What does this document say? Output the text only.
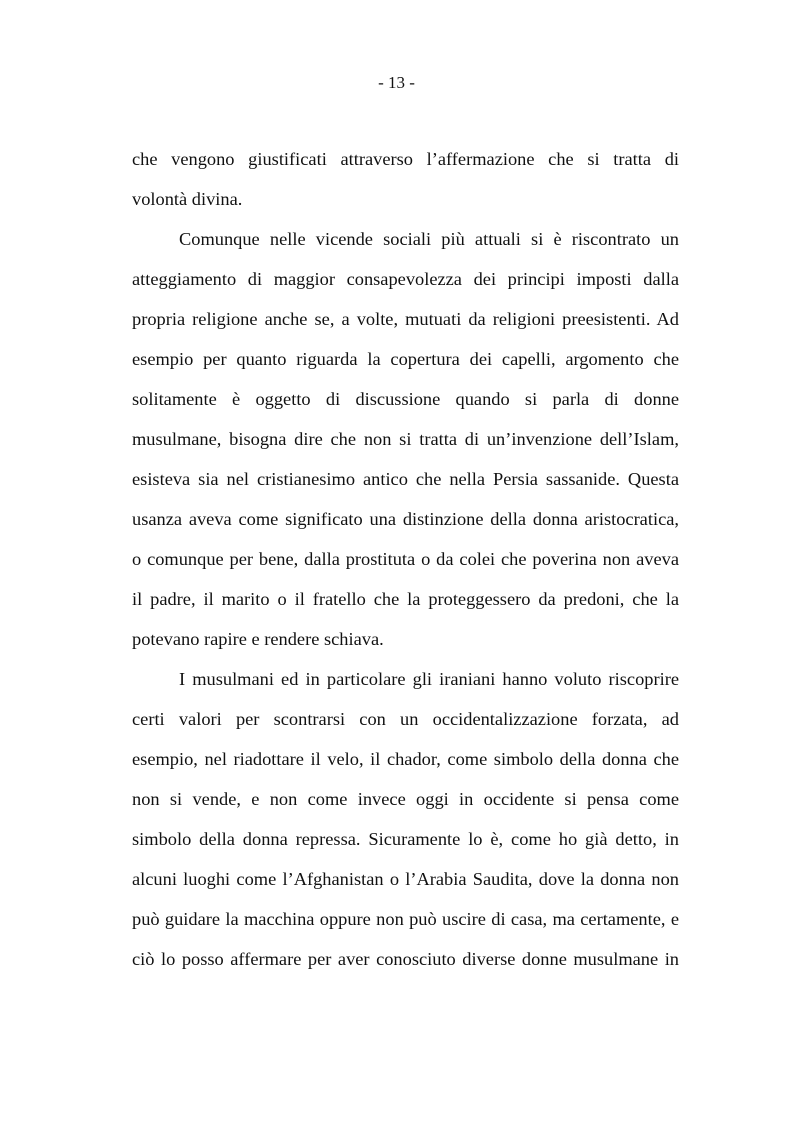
- 13 -
che vengono giustificati attraverso l’affermazione che si tratta di
volontà divina.
Comunque nelle vicende sociali più attuali si è riscontrato un
atteggiamento di maggior consapevolezza dei principi imposti dalla
propria religione anche se, a volte, mutuati da religioni preesistenti. Ad
esempio per quanto riguarda la copertura dei capelli, argomento che
solitamente è oggetto di discussione quando si parla di donne
musulmane, bisogna dire che non si tratta di un’invenzione dell’Islam,
esisteva sia nel cristianesimo antico che nella Persia sassanide. Questa
usanza aveva come significato una distinzione della donna aristocratica,
o comunque per bene, dalla prostituta o da colei che poverina non aveva
il padre, il marito o il fratello che la proteggessero da predoni, che la
potevano rapire e rendere schiava.
I musulmani ed in particolare gli iraniani hanno voluto riscoprire
certi valori per scontrarsi con un occidentalizzazione forzata, ad
esempio, nel riadottare il velo, il chador, come simbolo della donna che
non si vende, e non come invece oggi in occidente si pensa come
simbolo della donna repressa. Sicuramente lo è, come ho già detto, in
alcuni luoghi come l’Afghanistan o l’Arabia Saudita, dove la donna non
può guidare la macchina oppure non può uscire di casa, ma certamente, e
ciò lo posso affermare per aver conosciuto diverse donne musulmane in
